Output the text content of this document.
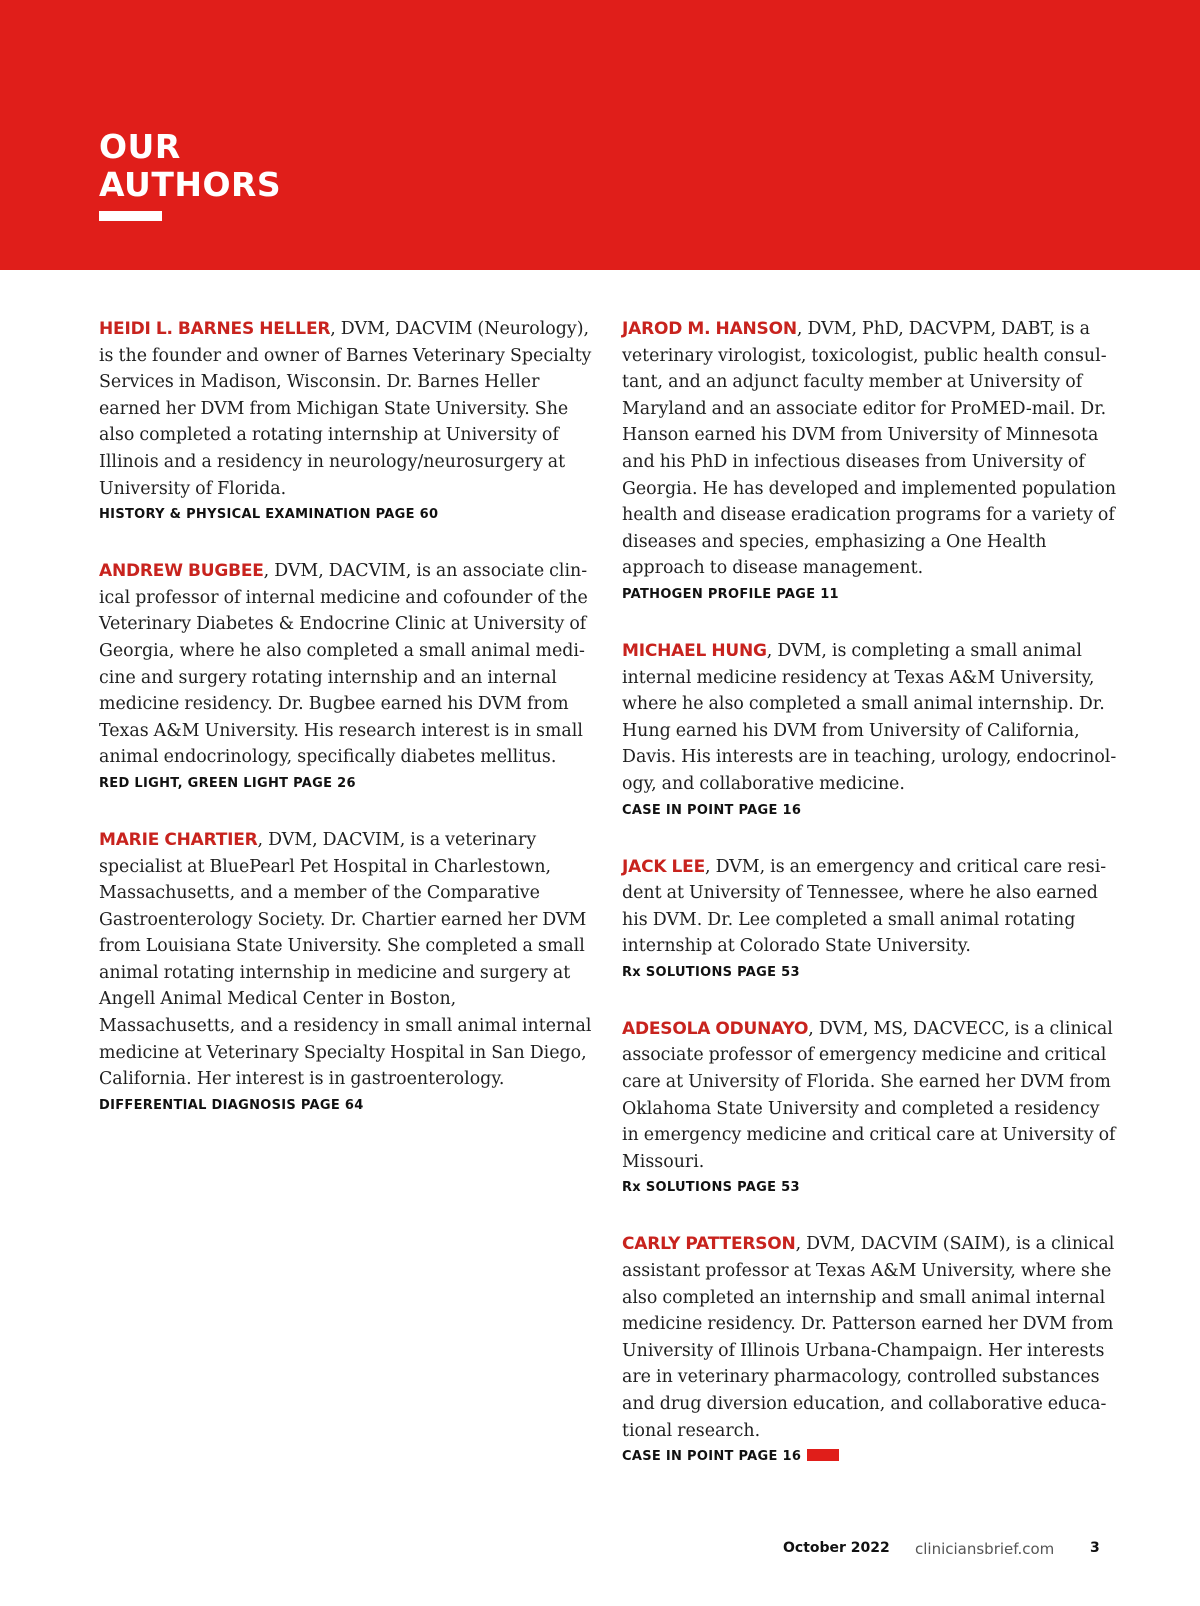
OUR
AUTHORS

HEIDI L. BARNES HELLER, DVM, DACVIM (Neurology), is the founder and owner of Barnes Veterinary Specialty Services in Madison, Wisconsin. Dr. Barnes Heller earned her DVM from Michigan State University. She also completed a rotating internship at University of Illinois and a residency in neurology/neurosurgery at University of Florida.

HISTORY & PHYSICAL EXAMINATION PAGE 60

ANDREW BUGBEE, DVM, DACVIM, is an associate clinical professor of internal medicine and cofounder of the Veterinary Diabetes & Endocrine Clinic at University of Georgia, where he also completed a small animal medicine and surgery rotating internship and an internal medicine residency. Dr. Bugbee earned his DVM from Texas A&M University. His research interest is in small animal endocrinology, specifically diabetes mellitus.

RED LIGHT, GREEN LIGHT PAGE 26

MARIE CHARTIER, DVM, DACVIM, is a veterinary specialist at BluePearl Pet Hospital in Charlestown, Massachusetts, and a member of the Comparative Gastroenterology Society. Dr. Chartier earned her DVM from Louisiana State University. She completed a small animal rotating internship in medicine and surgery at Angell Animal Medical Center in Boston, Massachusetts, and a residency in small animal internal medicine at Veterinary Specialty Hospital in San Diego, California. Her interest is in gastroenterology.

DIFFERENTIAL DIAGNOSIS PAGE 64

JAROD M. HANSON, DVM, PhD, DACVPM, DABT, is a veterinary virologist, toxicologist, public health consultant, and an adjunct faculty member at University of Maryland and an associate editor for ProMED-mail. Dr. Hanson earned his DVM from University of Minnesota and his PhD in infectious diseases from University of Georgia. He has developed and implemented population health and disease eradication programs for a variety of diseases and species, emphasizing a One Health approach to disease management.

PATHOGEN PROFILE PAGE 11

MICHAEL HUNG, DVM, is completing a small animal internal medicine residency at Texas A&M University, where he also completed a small animal internship. Dr. Hung earned his DVM from University of California, Davis. His interests are in teaching, urology, endocrinology, and collaborative medicine.

CASE IN POINT PAGE 16

JACK LEE, DVM, is an emergency and critical care resident at University of Tennessee, where he also earned his DVM. Dr. Lee completed a small animal rotating internship at Colorado State University.

Rx SOLUTIONS PAGE 53

ADESOLA ODUNAYO, DVM, MS, DACVECC, is a clinical associate professor of emergency medicine and critical care at University of Florida. She earned her DVM from Oklahoma State University and completed a residency in emergency medicine and critical care at University of Missouri.

Rx SOLUTIONS PAGE 53

CARLY PATTERSON, DVM, DACVIM (SAIM), is a clinical assistant professor at Texas A&M University, where she also completed an internship and small animal internal medicine residency. Dr. Patterson earned her DVM from University of Illinois Urbana-Champaign. Her interests are in veterinary pharmacology, controlled substances and drug diversion education, and collaborative educational research.

CASE IN POINT PAGE 16
October 2022 cliniciansbrief.com	3
